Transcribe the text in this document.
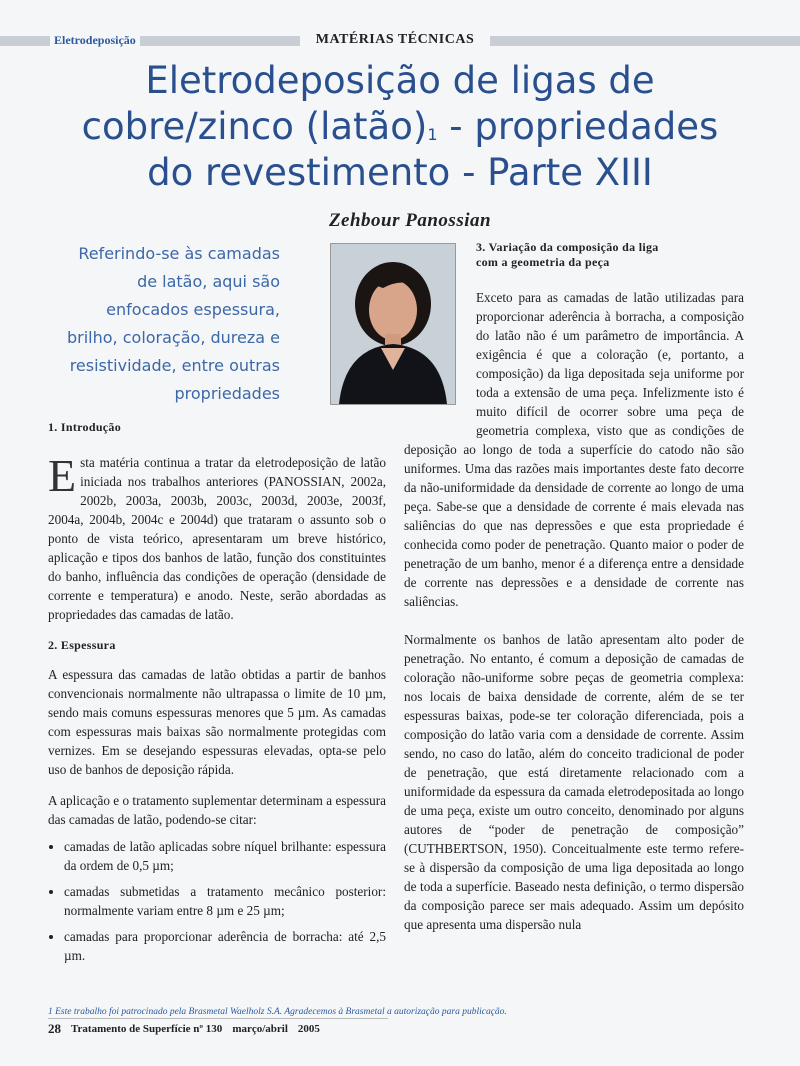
Eletrodeposição	MATÉRIAS TÉCNICAS
Eletrodeposição de ligas de
cobre/zinco (latão)$^1$ - propriedades
do revestimento - Parte XIII
Zehbour Panossian
Referindo-se às camadas
de latão, aqui são
enfocados espessura,
brilho, coloração, dureza e
resistividade, entre outras
propriedades
1. Introdução

Esta matéria continua a tratar da eletrodeposição de latão iniciada nos trabalhos anteriores (PANOSSIAN, 2002a, 2002b, 2003a, 2003b, 2003c, 2003d, 2003e, 2003f, 2004a, 2004b, 2004c e 2004d) que trataram o assunto sob o ponto de vista teórico, apresentaram um breve histórico, aplicação e tipos dos banhos de latão, função dos constituintes do banho, influência das condições de operação (densidade de corrente e temperatura) e anodo. Neste, serão abordadas as propriedades das camadas de latão.

2. Espessura

A espessura das camadas de latão obtidas a partir de banhos convencionais normalmente não ultrapassa o limite de 10 µm, sendo mais comuns espessuras menores que 5 µm. As camadas com espessuras mais baixas são normalmente protegidas com vernizes. Em se desejando espessuras elevadas, opta-se pelo uso de banhos de deposição rápida.

A aplicação e o tratamento suplementar determinam a espessura das camadas de latão, podendo-se citar:

• camadas de latão aplicadas sobre níquel brilhante: espessura da ordem de 0,5 µm;
• camadas submetidas a tratamento mecânico posterior: normalmente variam entre 8 µm e 25 µm;
• camadas para proporcionar aderência de borracha: até 2,5 µm.
3. Variação da composição da liga
com a geometria da peça

Exceto para as camadas de latão utilizadas para proporcionar aderência à borracha, a composição do latão não é um parâmetro de importância. A exigência é que a coloração (e, portanto, a composição) da liga depositada seja uniforme por toda a extensão de uma peça. Infelizmente isto é muito difícil de ocorrer sobre uma peça de geometria complexa, visto que as condições de deposição ao longo de toda a superfície do catodo não são uniformes. Uma das razões mais importantes deste fato decorre da não-uniformidade da densidade de corrente ao longo de uma peça. Sabe-se que a densidade de corrente é mais elevada nas saliências do que nas depressões e que esta propriedade é conhecida como poder de penetração. Quanto maior o poder de penetração de um banho, menor é a diferença entre a densidade de corrente nas depressões e a densidade de corrente nas saliências.

Normalmente os banhos de latão apresentam alto poder de penetração. No entanto, é comum a deposição de camadas de coloração não-uniforme sobre peças de geometria complexa: nos locais de baixa densidade de corrente, além de se ter espessuras baixas, pode-se ter coloração diferenciada, pois a composição do latão varia com a densidade de corrente. Assim sendo, no caso do latão, além do conceito tradicional de poder de penetração, que está diretamente relacionado com a uniformidade da espessura da camada eletrodepositada ao longo de uma peça, existe um outro conceito, denominado por alguns autores de “poder de penetração de composição” (CUTHBERTSON, 1950). Conceitualmente este termo refere-se à dispersão da composição de uma liga depositada ao longo de toda a superfície. Baseado nesta definição, o termo dispersão da composição parece ser mais adequado. Assim um depósito que apresenta uma dispersão nula

1 Este trabalho foi patrocinado pela Brasmetal Waelholz S.A. Agradecemos à Brasmetal a autorização para publicação.
28 Tratamento de Superfície nº 130 março/abril 2005
